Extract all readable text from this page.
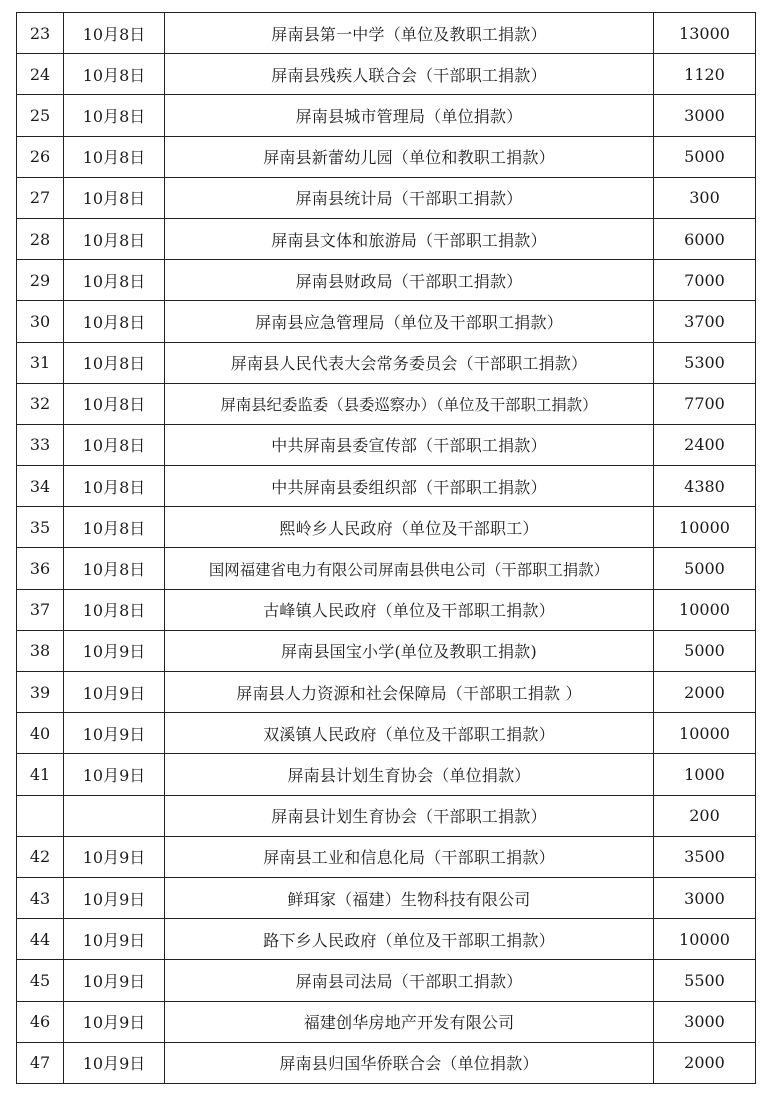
23	10月8日	屏南县第一中学（单位及教职工捐款）	13000
24	10月8日	屏南县残疾人联合会（干部职工捐款）	1120
25	10月8日	屏南县城市管理局（单位捐款）	3000
26	10月8日	屏南县新蕾幼儿园（单位和教职工捐款）	5000
27	10月8日	屏南县统计局（干部职工捐款）	300
28	10月8日	屏南县文体和旅游局（干部职工捐款）	6000
29	10月8日	屏南县财政局（干部职工捐款）	7000
30	10月8日	屏南县应急管理局（单位及干部职工捐款）	3700
31	10月8日	屏南县人民代表大会常务委员会（干部职工捐款）	5300
32	10月8日	屏南县纪委监委（县委巡察办）（单位及干部职工捐款）	7700
33	10月8日	中共屏南县委宣传部（干部职工捐款）	2400
34	10月8日	中共屏南县委组织部（干部职工捐款）	4380
35	10月8日	熙岭乡人民政府（单位及干部职工）	10000
36	10月8日	国网福建省电力有限公司屏南县供电公司（干部职工捐款）	5000
37	10月8日	古峰镇人民政府（单位及干部职工捐款）	10000
38	10月9日	屏南县国宝小学(单位及教职工捐款)	5000
39	10月9日	屏南县人力资源和社会保障局（干部职工捐款 ）	2000
40	10月9日	双溪镇人民政府（单位及干部职工捐款）	10000
41	10月9日	屏南县计划生育协会（单位捐款）	1000
		屏南县计划生育协会（干部职工捐款）	200
42	10月9日	屏南县工业和信息化局（干部职工捐款）	3500
43	10月9日	鲜珥家（福建）生物科技有限公司	3000
44	10月9日	路下乡人民政府（单位及干部职工捐款）	10000
45	10月9日	屏南县司法局（干部职工捐款）	5500
46	10月9日	福建创华房地产开发有限公司	3000
47	10月9日	屏南县归国华侨联合会（单位捐款）	2000
